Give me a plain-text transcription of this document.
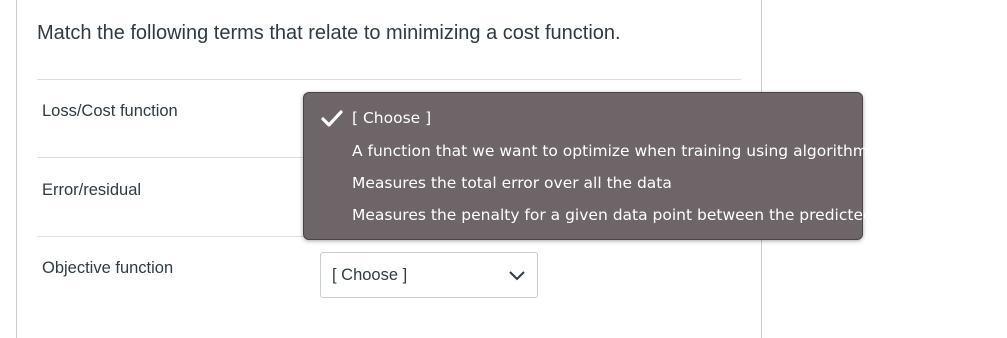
Match the following terms that relate to minimizing a cost function.
Loss/Cost function
Error/residual
Objective function	[ Choose ]
[ Choose ]
A function that we want to optimize when training using algorithms
Measures the total error over all the data
Measures the penalty for a given data point between the predicted and actual value
